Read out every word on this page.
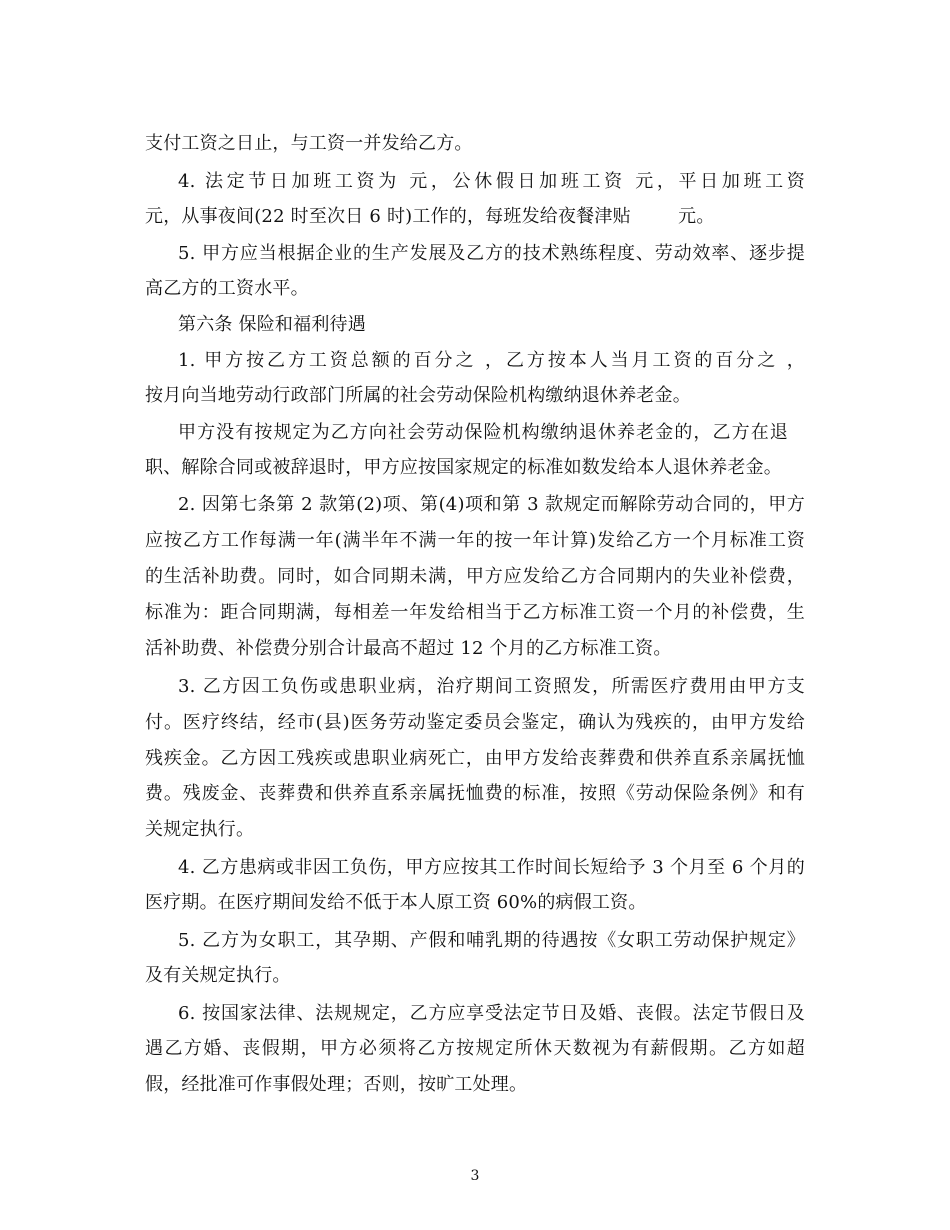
支付工资之日止，与工资一并发给乙方。
4. 法定节日加班工资为 元，公休假日加班工资 元，平日加班工资
元，从事夜间(22 时至次日 6 时)工作的，每班发给夜餐津贴        元。
5. 甲方应当根据企业的生产发展及乙方的技术熟练程度、劳动效率、逐步提
高乙方的工资水平。
第六条 保险和福利待遇
1. 甲方按乙方工资总额的百分之 ，乙方按本人当月工资的百分之 ，
按月向当地劳动行政部门所属的社会劳动保险机构缴纳退休养老金。
甲方没有按规定为乙方向社会劳动保险机构缴纳退休养老金的，乙方在退
职、解除合同或被辞退时，甲方应按国家规定的标准如数发给本人退休养老金。
2. 因第七条第 2 款第(2)项、第(4)项和第 3 款规定而解除劳动合同的，甲方
应按乙方工作每满一年(满半年不满一年的按一年计算)发给乙方一个月标准工资
的生活补助费。同时，如合同期未满，甲方应发给乙方合同期内的失业补偿费，
标准为：距合同期满，每相差一年发给相当于乙方标准工资一个月的补偿费，生
活补助费、补偿费分别合计最高不超过 12 个月的乙方标准工资。
3. 乙方因工负伤或患职业病，治疗期间工资照发，所需医疗费用由甲方支
付。医疗终结，经市(县)医务劳动鉴定委员会鉴定，确认为残疾的，由甲方发给
残疾金。乙方因工残疾或患职业病死亡，由甲方发给丧葬费和供养直系亲属抚恤
费。残废金、丧葬费和供养直系亲属抚恤费的标准，按照《劳动保险条例》和有
关规定执行。
4. 乙方患病或非因工负伤，甲方应按其工作时间长短给予 3 个月至 6 个月的
医疗期。在医疗期间发给不低于本人原工资 60%的病假工资。
5. 乙方为女职工，其孕期、产假和哺乳期的待遇按《女职工劳动保护规定》
及有关规定执行。
6. 按国家法律、法规规定，乙方应享受法定节日及婚、丧假。法定节假日及
遇乙方婚、丧假期，甲方必须将乙方按规定所休天数视为有薪假期。乙方如超
假，经批准可作事假处理；否则，按旷工处理。
3
